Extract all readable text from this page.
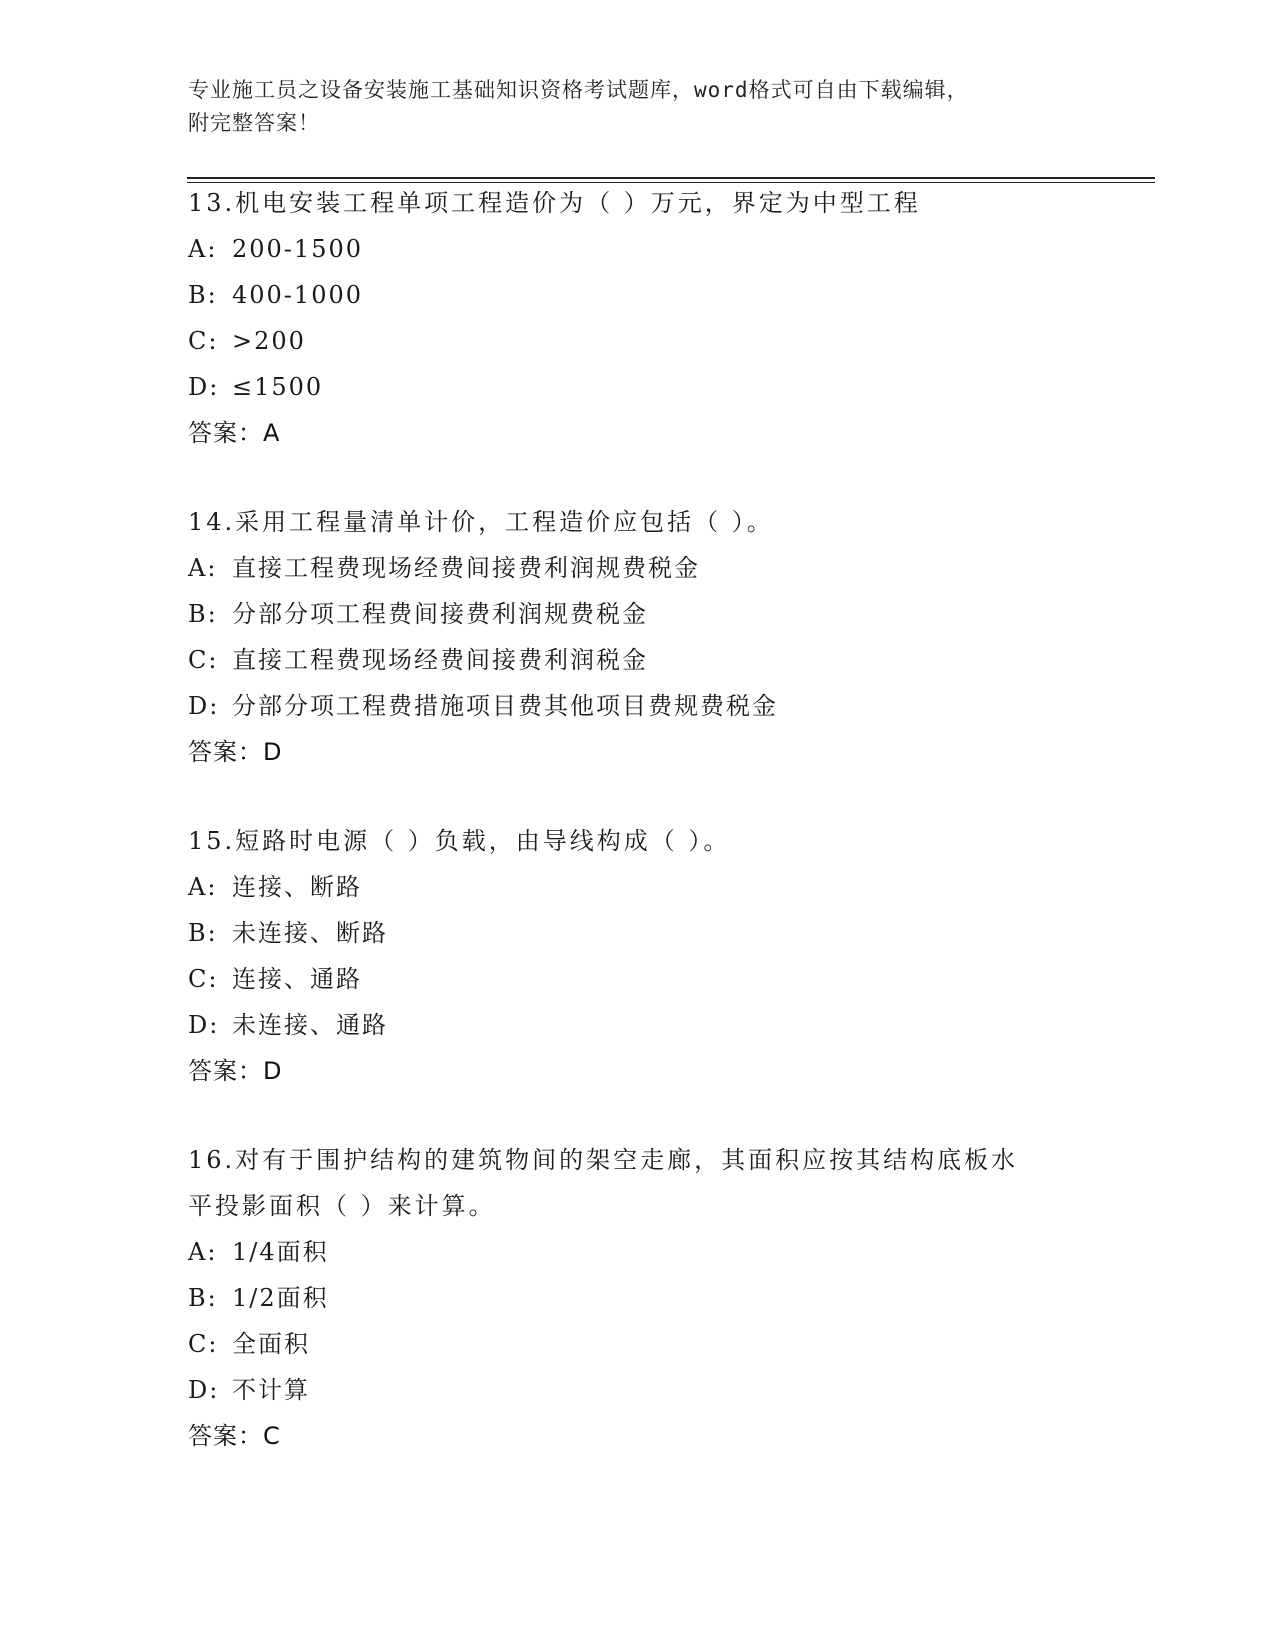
专业施工员之设备安装施工基础知识资格考试题库，word格式可自由下载编辑，
附完整答案！
13.机电安装工程单项工程造价为（ ）万元，界定为中型工程
A: 200-1500
B: 400-1000
C: >200
D: ≤1500
答案：A
14.采用工程量清单计价，工程造价应包括（ ）。
A: 直接工程费现场经费间接费利润规费税金
B: 分部分项工程费间接费利润规费税金
C: 直接工程费现场经费间接费利润税金
D: 分部分项工程费措施项目费其他项目费规费税金
答案：D
15.短路时电源（ ）负载，由导线构成（ ）。
A: 连接、断路
B: 未连接、断路
C: 连接、通路
D: 未连接、通路
答案：D
16.对有于围护结构的建筑物间的架空走廊，其面积应按其结构底板水
平投影面积（ ）来计算。
A: 1/4面积
B: 1/2面积
C: 全面积
D: 不计算
答案：C
